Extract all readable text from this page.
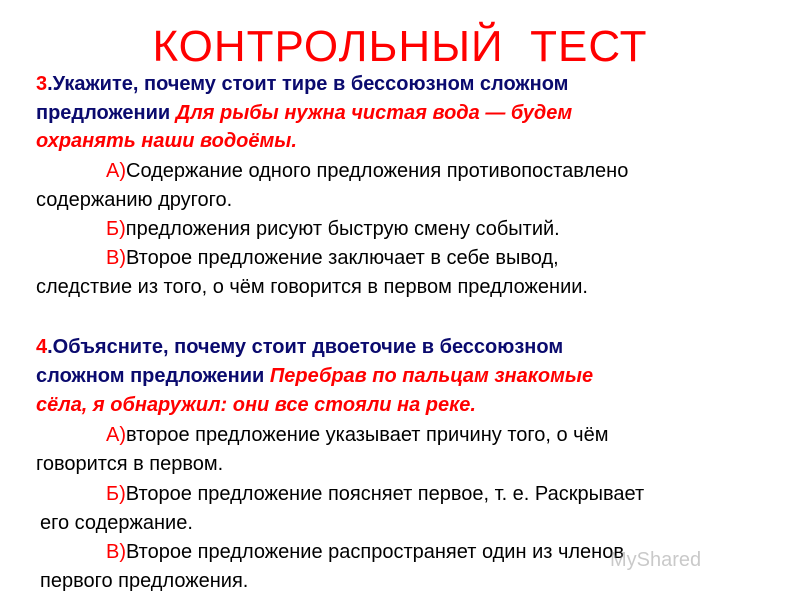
КОНТРОЛЬНЫЙ  ТЕСТ
3.Укажите, почему стоит тире в бессоюзном сложном
предложении Для рыбы нужна чистая вода — будем
охранять наши водоёмы.
А)Содержание одного предложения противопоставлено
содержанию другого.
Б)предложения рисуют быструю смену событий.
В)Второе предложение заключает в себе вывод,
следствие из того, о чём говорится в первом предложении.
4.Объясните, почему стоит двоеточие в бессоюзном
сложном предложении Перебрав по пальцам знакомые
сёла, я обнаружил: они все стояли на реке.
А)второе предложение указывает причину того, о чём
говорится в первом.
Б)Второе предложение поясняет первое, т. е. Раскрывает
его содержание.
В)Второе предложение распространяет один из членов
первого предложения.
MyShared
